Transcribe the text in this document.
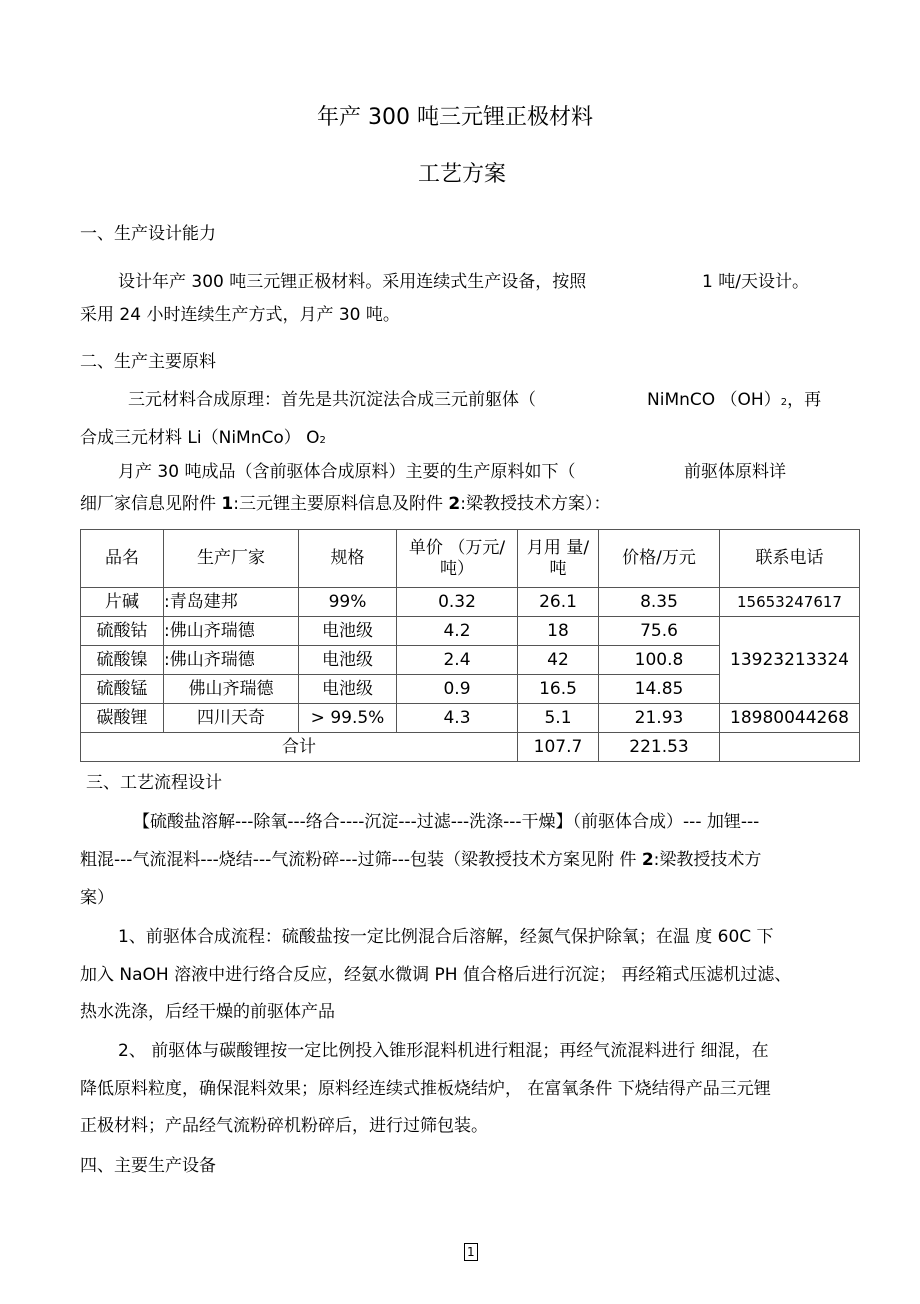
年产 300 吨三元锂正极材料
工艺方案
一、生产设计能力
设计年产 300 吨三元锂正极材料。采用连续式生产设备，按照	1 吨/天设计。
采用 24 小时连续生产方式，月产 30 吨。
二、生产主要原料
三元材料合成原理：首先是共沉淀法合成三元前躯体（	NiMnCO （OH）2，再
合成三元材料 Li（NiMnCo） O2
月产 30 吨成品（含前驱体合成原料）主要的生产原料如下（	前驱体原料详
细厂家信息见附件 1:三元锂主要原料信息及附件 2:梁教授技术方案）：
品名	生产厂家	规格	单价 （万元/
吨）	月用 量/
吨	价格/万元	联系电话
片碱	:青岛建邦	99%	0.32	26.1	8.35	15653247617
硫酸钴	:佛山齐瑞德	电池级	4.2	18	75.6	13923213324
硫酸镍	:佛山齐瑞德	电池级	2.4	42	100.8	
硫酸锰	佛山齐瑞德	电池级	0.9	16.5	14.85	
碳酸锂	四川天奇	> 99.5%	4.3	5.1	21.93	18980044268
合计				107.7	221.53	
三、工艺流程设计
【硫酸盐溶解---除氧---络合----沉淀---过滤---洗涤---干燥】（前驱体合成）--- 加锂---
粗混---气流混料---烧结---气流粉碎---过筛---包装（梁教授技术方案见附 件 2:梁教授技术方
案）
1、前驱体合成流程：硫酸盐按一定比例混合后溶解，经氮气保护除氧；在温 度 60C 下
加入 NaOH 溶液中进行络合反应，经氨水微调 PH 值合格后进行沉淀； 再经箱式压滤机过滤、
热水洗涤，后经干燥的前驱体产品
2、 前驱体与碳酸锂按一定比例投入锥形混料机进行粗混；再经气流混料进行 细混，在
降低原料粒度，确保混料效果；原料经连续式推板烧结炉， 在富氧条件 下烧结得产品三元锂
正极材料；产品经气流粉碎机粉碎后，进行过筛包装。
四、主要生产设备
1
